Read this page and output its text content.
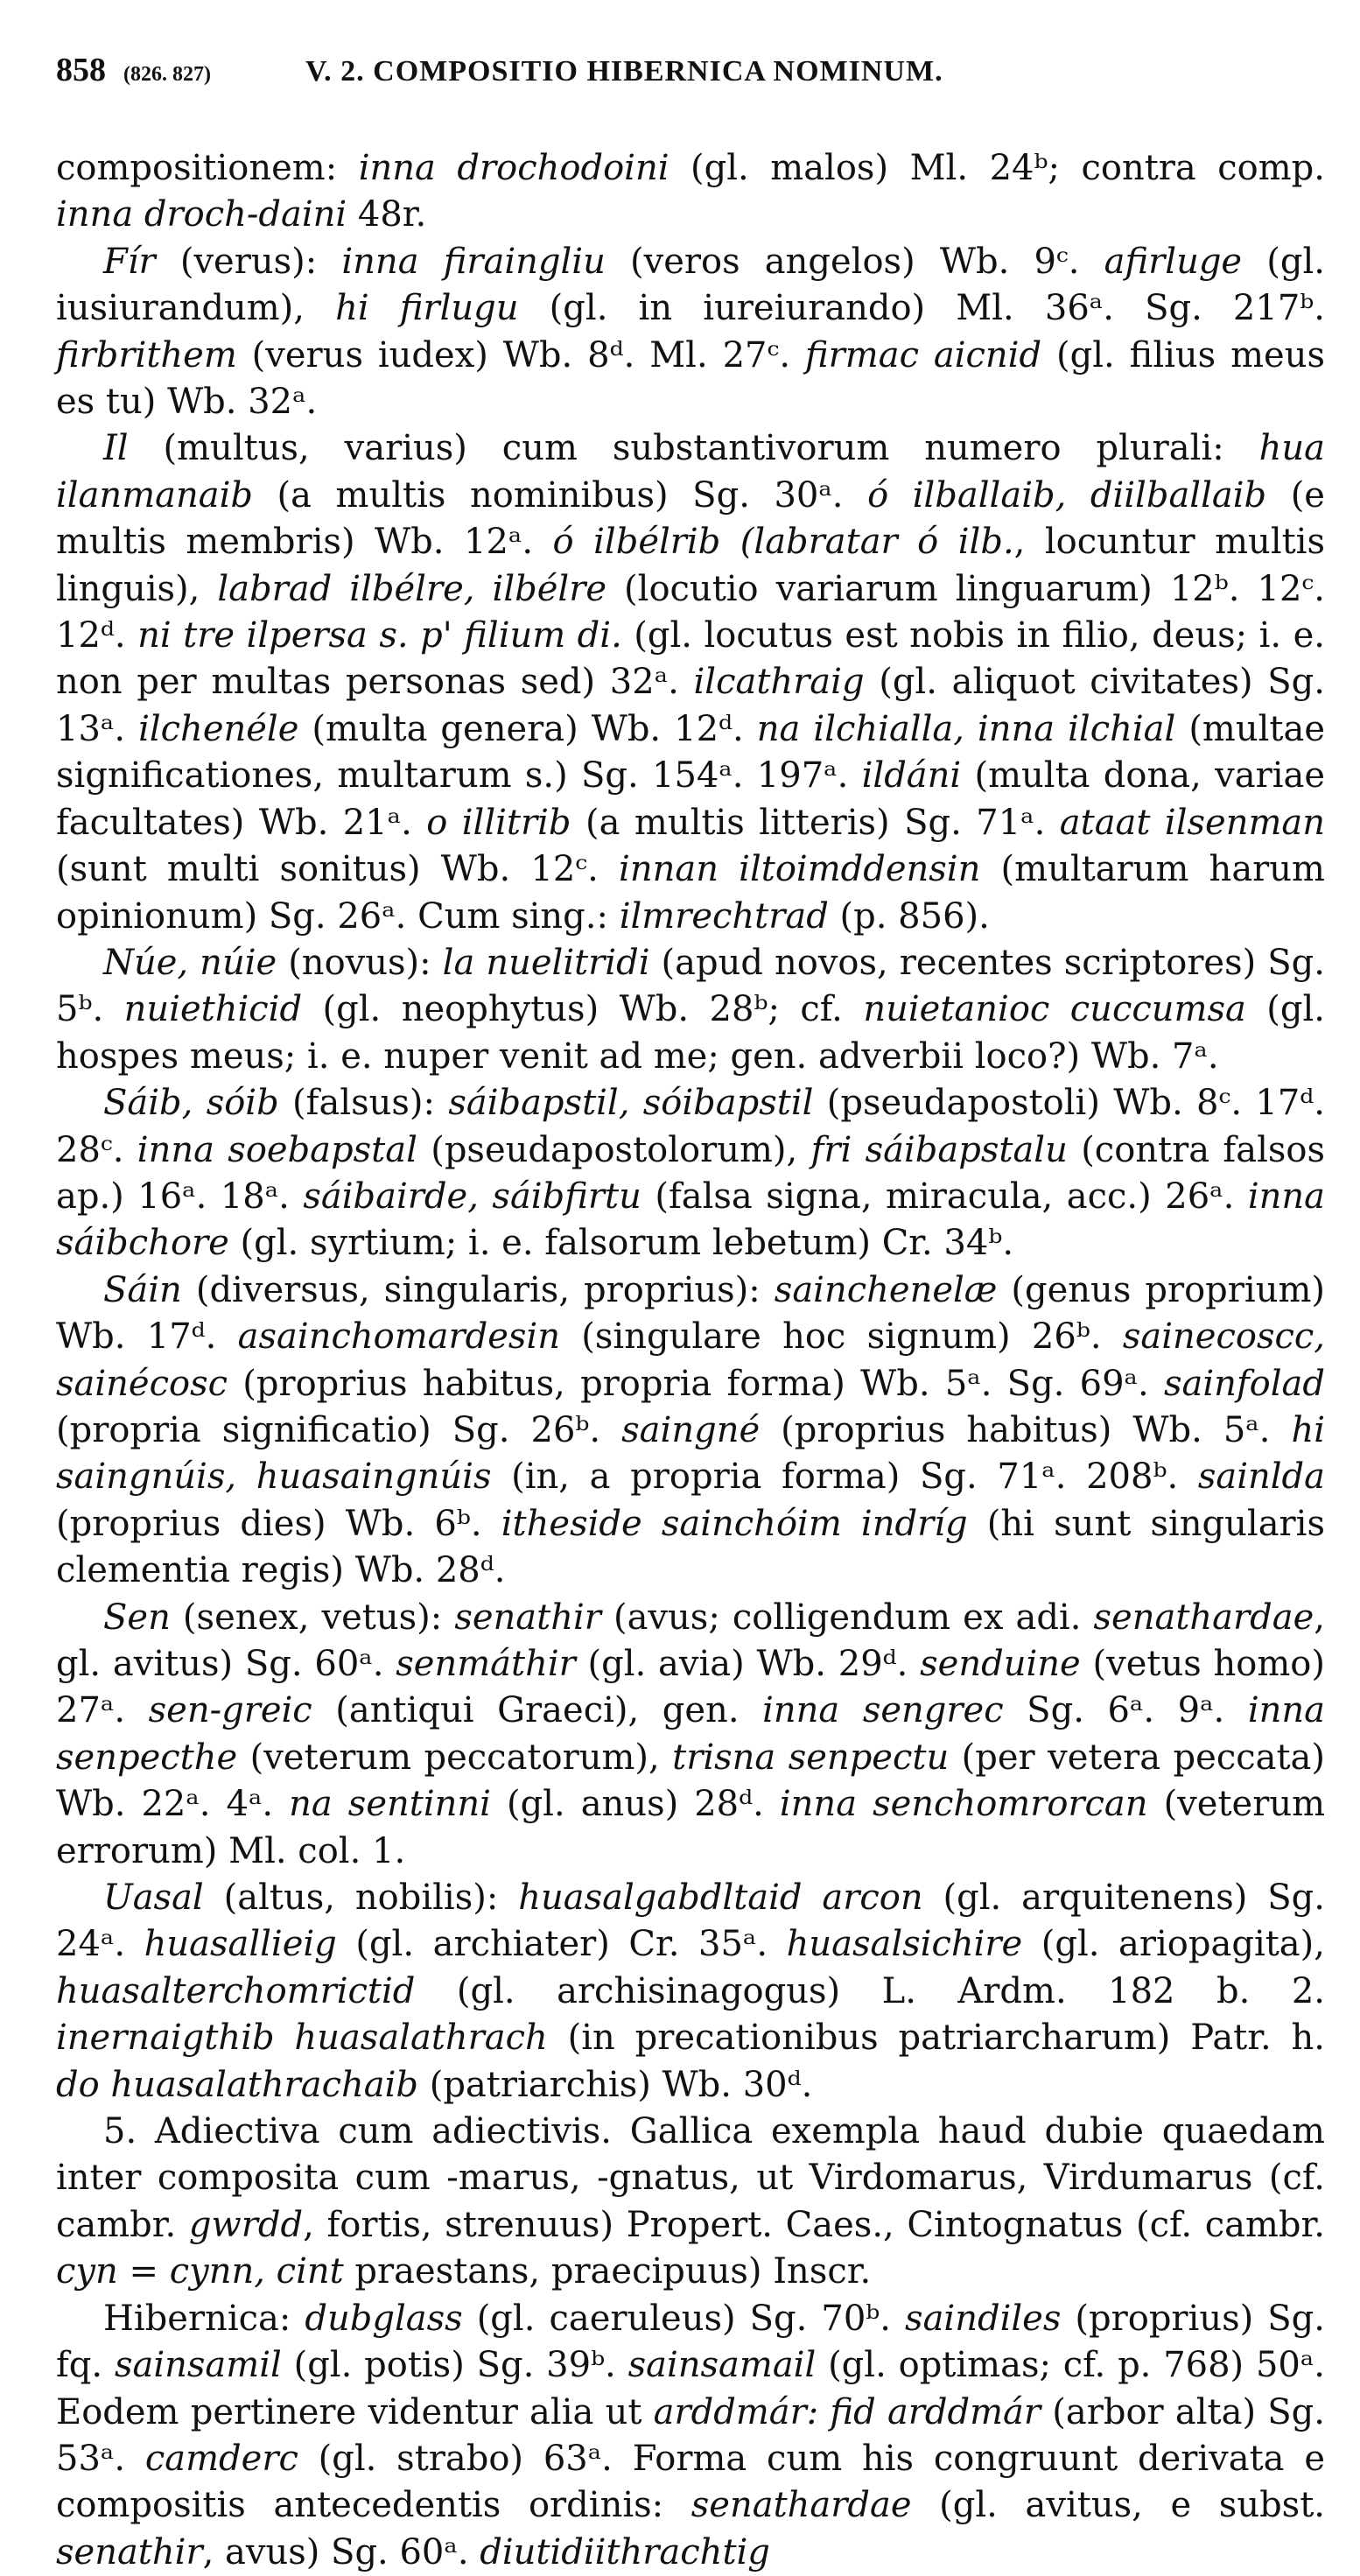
858 (826. 827)	V. 2. COMPOSITIO HIBERNICA NOMINUM.

compositionem: inna drochodoini (gl. malos) Ml. 24ᵇ; contra comp. inna droch-daini 48r.

Fír (verus): inna firaingliu (veros angelos) Wb. 9ᶜ. afirluge (gl. iusiurandum), hi firlugu (gl. in iureiurando) Ml. 36ᵃ. Sg. 217ᵇ. firbrithem (verus iudex) Wb. 8ᵈ. Ml. 27ᶜ. firmac aicnid (gl. filius meus es tu) Wb. 32ᵃ.

Il (multus, varius) cum substantivorum numero plurali: hua ilanmanaib (a multis nominibus) Sg. 30ᵃ. ó ilballaib, diilballaib (e multis membris) Wb. 12ᵃ. ó ilbélrib (labratar ó ilb., locuntur multis linguis), labrad ilbélre, ilbélre (locutio variarum linguarum) 12ᵇ. 12ᶜ. 12ᵈ. ni tre ilpersa s. p' filium di. (gl. locutus est nobis in filio, deus; i. e. non per multas personas sed) 32ᵃ. ilcathraig (gl. aliquot civitates) Sg. 13ᵃ. ilchenéle (multa genera) Wb. 12ᵈ. na ilchialla, inna ilchial (multae significationes, multarum s.) Sg. 154ᵃ. 197ᵃ. ildáni (multa dona, variae facultates) Wb. 21ᵃ. o illitrib (a multis litteris) Sg. 71ᵃ. ataat ilsenman (sunt multi sonitus) Wb. 12ᶜ. innan iltoimddensin (multarum harum opinionum) Sg. 26ᵃ. Cum sing.: ilmrechtrad (p. 856).

Núe, núie (novus): la nuelitridi (apud novos, recentes scriptores) Sg. 5ᵇ. nuiethicid (gl. neophytus) Wb. 28ᵇ; cf. nuietanioc cuccumsa (gl. hospes meus; i. e. nuper venit ad me; gen. adverbii loco?) Wb. 7ᵃ.

Sáib, sóib (falsus): sáibapstil, sóibapstil (pseudapostoli) Wb. 8ᶜ. 17ᵈ. 28ᶜ. inna soebapstal (pseudapostolorum), fri sáibapstalu (contra falsos ap.) 16ᵃ. 18ᵃ. sáibairde, sáibfirtu (falsa signa, miracula, acc.) 26ᵃ. inna sáibchore (gl. syrtium; i. e. falsorum lebetum) Cr. 34ᵇ.

Sáin (diversus, singularis, proprius): sainchenelæ (genus proprium) Wb. 17ᵈ. asainchomardesin (singulare hoc signum) 26ᵇ. sainecoscc, sainécosc (proprius habitus, propria forma) Wb. 5ᵃ. Sg. 69ᵃ. sainfolad (propria significatio) Sg. 26ᵇ. saingné (proprius habitus) Wb. 5ᵃ. hi saingnúis, huasaingnúis (in, a propria forma) Sg. 71ᵃ. 208ᵇ. sainlda (proprius dies) Wb. 6ᵇ. itheside sainchóim indríg (hi sunt singularis clementia regis) Wb. 28ᵈ.

Sen (senex, vetus): senathir (avus; colligendum ex adi. senathardae, gl. avitus) Sg. 60ᵃ. senmáthir (gl. avia) Wb. 29ᵈ. senduine (vetus homo) 27ᵃ. sen-greic (antiqui Graeci), gen. inna sengrec Sg. 6ᵃ. 9ᵃ. inna senpecthe (veterum peccatorum), trisna senpectu (per vetera peccata) Wb. 22ᵃ. 4ᵃ. na sentinni (gl. anus) 28ᵈ. inna senchomrorcan (veterum errorum) Ml. col. 1.

Uasal (altus, nobilis): huasalgabdltaid arcon (gl. arquitenens) Sg. 24ᵃ. huasallieig (gl. archiater) Cr. 35ᵃ. huasalsichire (gl. ariopagita), huasalterchomrictid (gl. archisinagogus) L. Ardm. 182 b. 2. inernaigthib huasalathrach (in precationibus patriarcharum) Patr. h. do huasalathrachaib (patriarchis) Wb. 30ᵈ.

5. Adiectiva cum adiectivis. Gallica exempla haud dubie quaedam inter composita cum -marus, -gnatus, ut Virdomarus, Virdumarus (cf. cambr. gwrdd, fortis, strenuus) Propert. Caes., Cintognatus (cf. cambr. cyn = cynn, cint praestans, praecipuus) Inscr.

Hibernica: dubglass (gl. caeruleus) Sg. 70ᵇ. saindiles (proprius) Sg. fq. sainsamil (gl. potis) Sg. 39ᵇ. sainsamail (gl. optimas; cf. p. 768) 50ᵃ. Eodem pertinere videntur alia ut arddmár: fid arddmár (arbor alta) Sg. 53ᵃ. camderc (gl. strabo) 63ᵃ. Forma cum his congruunt derivata e compositis antecedentis ordinis: senathardae (gl. avitus, e subst. senathir, avus) Sg. 60ᵃ. diutidiithrachtig
